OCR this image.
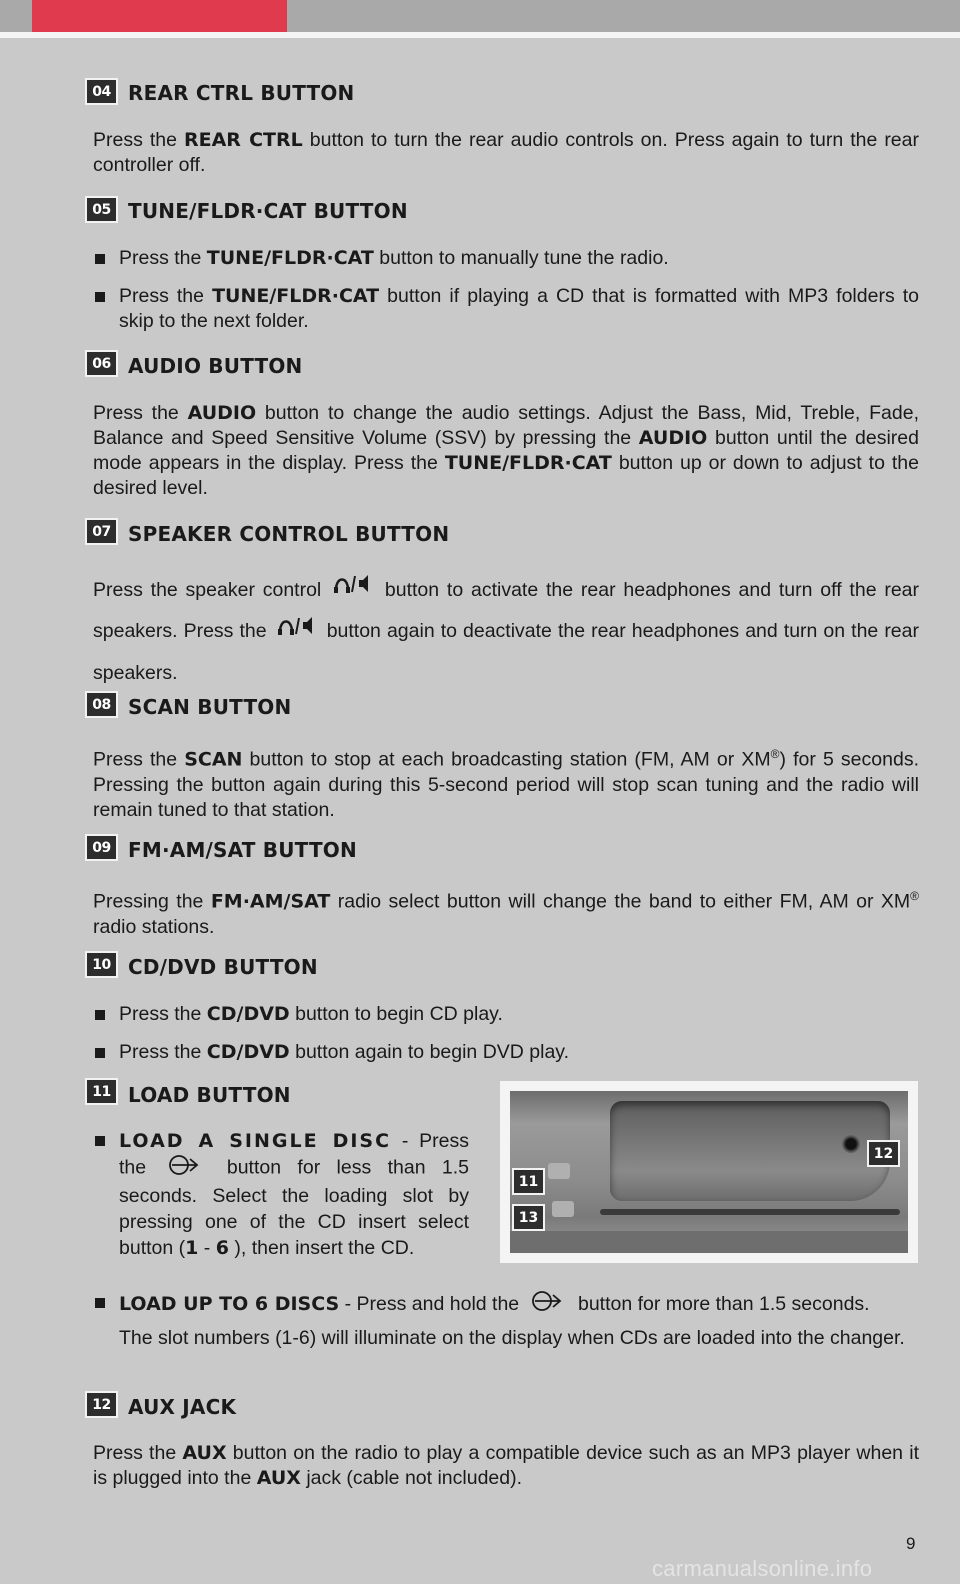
04 REAR CTRL BUTTON
Press the REAR CTRL button to turn the rear audio controls on. Press again to turn the rear controller off.
05 TUNE/FLDR·CAT BUTTON
Press the TUNE/FLDR·CAT button to manually tune the radio.
Press the TUNE/FLDR·CAT button if playing a CD that is formatted with MP3 folders to skip to the next folder.
06 AUDIO BUTTON
Press the AUDIO button to change the audio settings. Adjust the Bass, Mid, Treble, Fade, Balance and Speed Sensitive Volume (SSV) by pressing the AUDIO button until the desired mode appears in the display. Press the TUNE/FLDR·CAT button up or down to adjust to the desired level.
07 SPEAKER CONTROL BUTTON
Press the speaker control	button to activate the rear headphones and turn off the rear speakers. Press the	button again to deactivate the rear headphones and turn on the rear speakers.
08 SCAN BUTTON
Press the SCAN button to stop at each broadcasting station (FM, AM or XM®) for 5 seconds. Pressing the button again during this 5-second period will stop scan tuning and the radio will remain tuned to that station.
09 FM·AM/SAT BUTTON
Pressing the FM·AM/SAT radio select button will change the band to either FM, AM or XM® radio stations.
10 CD/DVD BUTTON
Press the CD/DVD button to begin CD play.
Press the CD/DVD button again to begin DVD play.
11 LOAD BUTTON
LOAD A SINGLE DISC - Press the	button for less than 1.5 seconds. Select the loading slot by pressing one of the CD insert select button (1 - 6 ), then insert the CD.
12
11
13
LOAD UP TO 6 DISCS - Press and hold the	button for more than 1.5 seconds.
The slot numbers (1-6) will illuminate on the display when CDs are loaded into the changer.
12 AUX JACK
Press the AUX button on the radio to play a compatible device such as an MP3 player when it is plugged into the AUX jack (cable not included).
9
carmanualsonline.info
